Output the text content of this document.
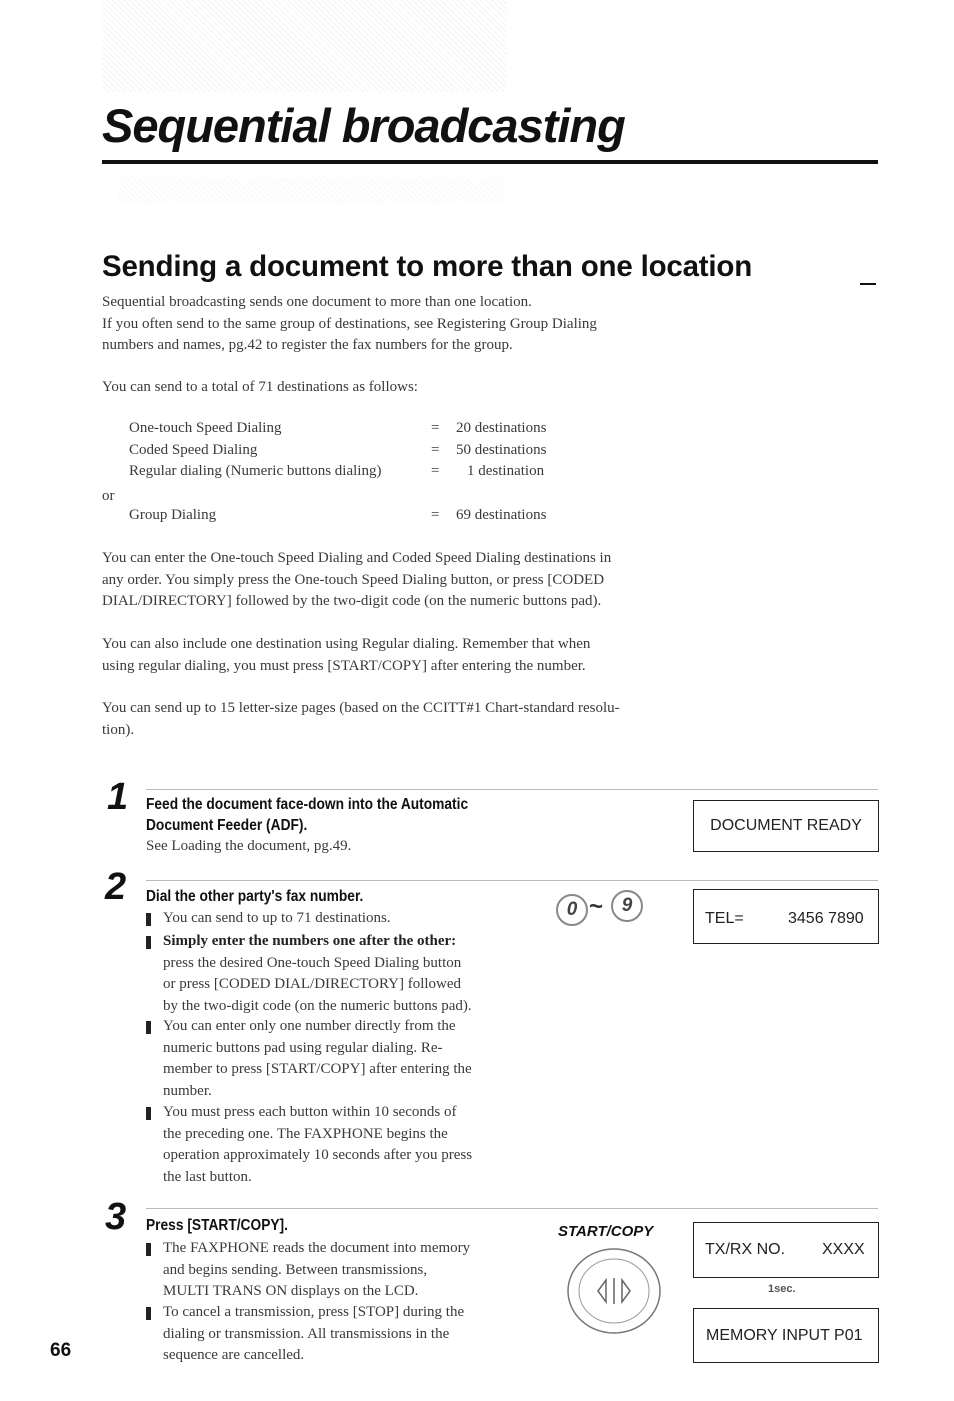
Sequential broadcasting
Sending a document to more than one location

Sequential broadcasting sends one document to more than one location.

If you often send to the same group of destinations, see Registering Group Dialing

numbers and names, pg.42 to register the fax numbers for the group.

You can send to a total of 71 destinations as follows:
One-touch Speed Dialing	= 20 destinations
Coded Speed Dialing	= 50 destinations
Regular dialing (Numeric buttons dialing)	= 1 destination
Group Dialing	= 69 destinations
or

You can enter the One-touch Speed Dialing and Coded Speed Dialing destinations in

any order. You simply press the One-touch Speed Dialing button, or press [CODED

DIAL/DIRECTORY] followed by the two-digit code (on the numeric buttons pad).

You can also include one destination using Regular dialing. Remember that when

using regular dialing, you must press [START/COPY] after entering the number.

You can send up to 15 letter-size pages (based on the CCITT#1 Chart-standard resolu-

tion).

1 Feed the document face-down into the Automatic
Document Feeder (ADF).
See Loading the document, pg.49.
DOCUMENT READY
2 Dial the other party's fax number.
You can send to up to 71 destinations.
Simply enter the numbers one after the other:
press the desired One-touch Speed Dialing button
or press [CODED DIAL/DIRECTORY] followed
by the two-digit code (on the numeric buttons pad).
You can enter only one number directly from the
numeric buttons pad using regular dialing. Re-
member to press [START/COPY] after entering the
number.
You must press each button within 10 seconds of
the preceding one. The FAXPHONE begins the
operation approximately 10 seconds after you press
the last button.
0 ~ 9
TEL=	3456 7890
3 Press [START/COPY].
The FAXPHONE reads the document into memory
and begins sending. Between transmissions,
MULTI TRANS ON displays on the LCD.
To cancel a transmission, press [STOP] during the
dialing or transmission. All transmissions in the
sequence are cancelled.
START/COPY
TX/RX NO. XXXX
1sec.
MEMORY INPUT P01
66
